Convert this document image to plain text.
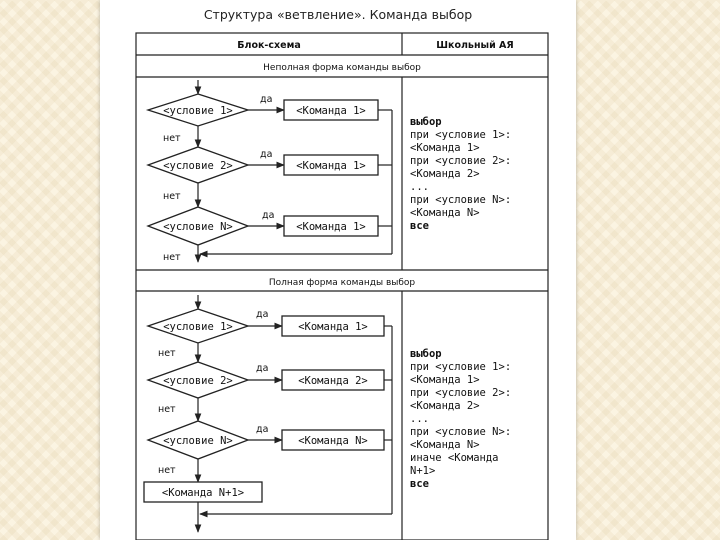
Структура «ветвление». Команда выбор
Блок-схема	Школьный АЯ
Неполная форма команды выбор
Полная форма команды выбор
<условие 1>
<условие 2>
<условие N>
да
да
да
нет
нет
нет
<Команда 1>
<Команда 1>
<Команда 1>
выбор
при <условие 1>:
<Команда 1>
при <условие 2>:
<Команда 2>
...
при <условие N>:
<Команда N>
все
<условие 1>
<условие 2>
<условие N>
да
да
да
нет
нет
нет
<Команда 1>
<Команда 2>
<Команда N>
<Команда N+1>
выбор
при <условие 1>:
<Команда 1>
при <условие 2>:
<Команда 2>
...
при <условие N>:
<Команда N>
иначе <Команда
N+1>
все
